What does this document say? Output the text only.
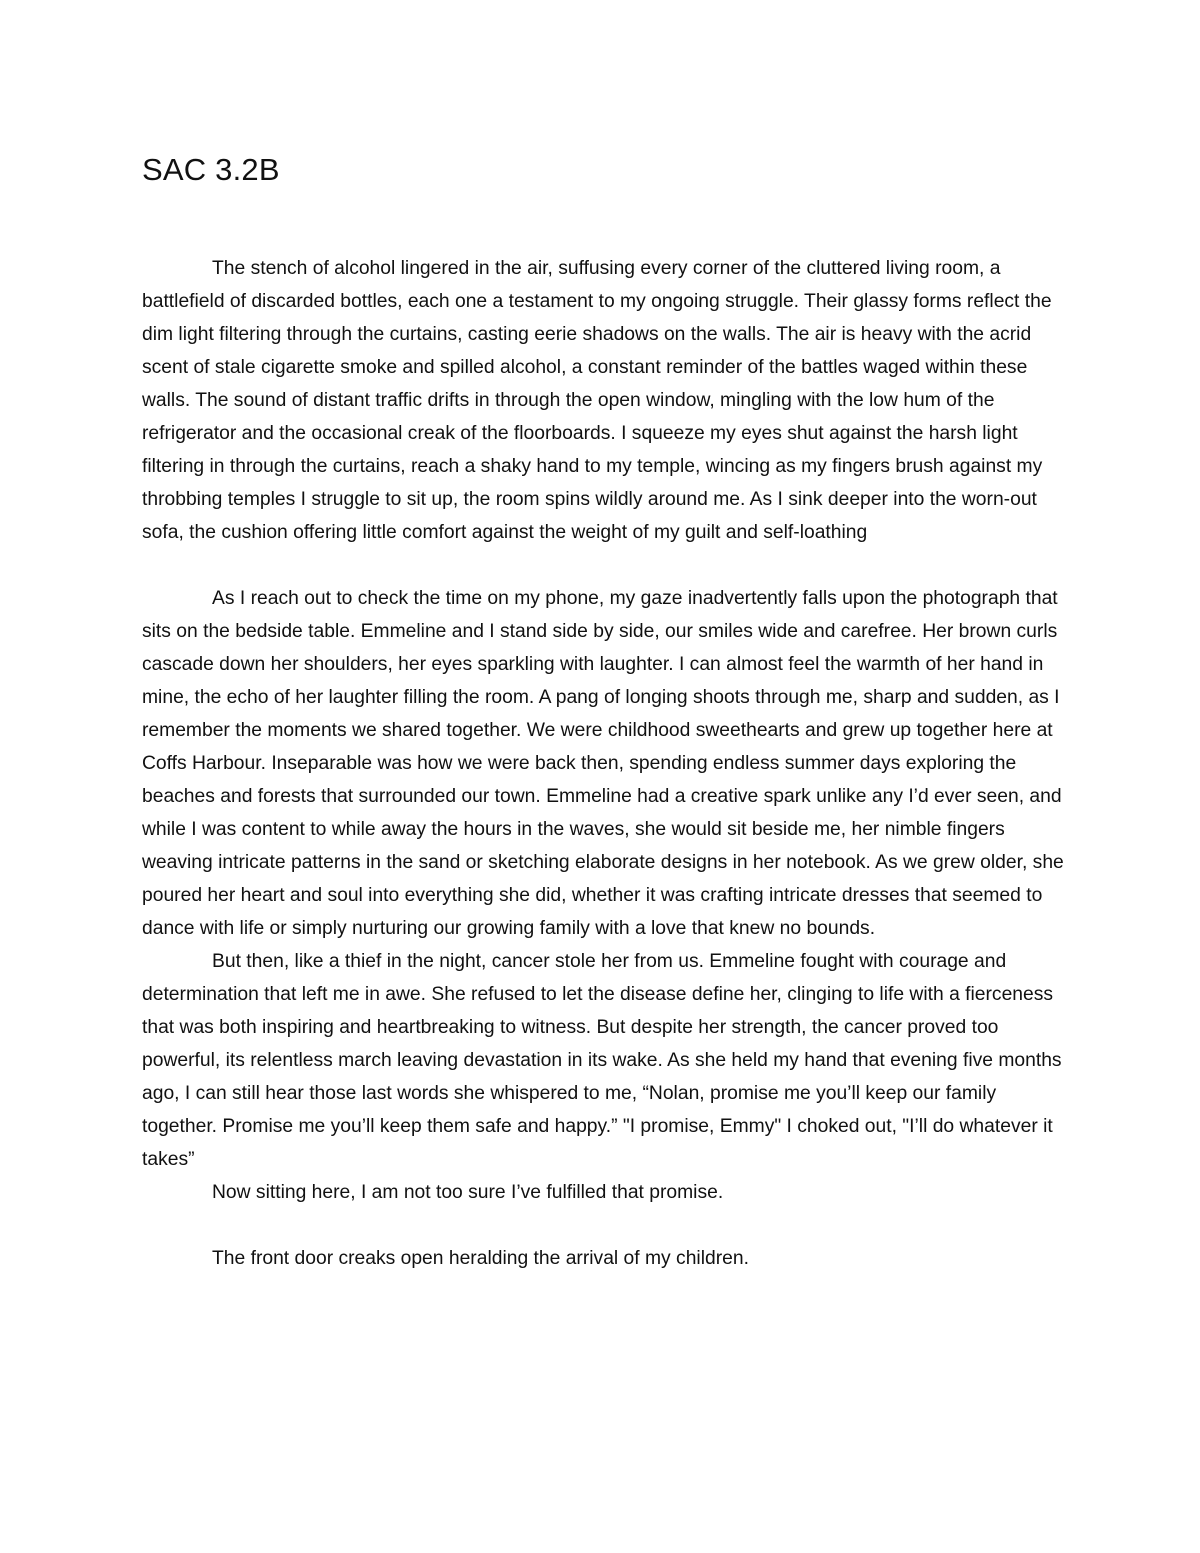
SAC 3.2B

The stench of alcohol lingered in the air, suffusing every corner of the cluttered living room, a battlefield of discarded bottles, each one a testament to my ongoing struggle. Their glassy forms reflect the dim light filtering through the curtains, casting eerie shadows on the walls. The air is heavy with the acrid scent of stale cigarette smoke and spilled alcohol, a constant reminder of the battles waged within these walls. The sound of distant traffic drifts in through the open window, mingling with the low hum of the refrigerator and the occasional creak of the floorboards. I squeeze my eyes shut against the harsh light filtering in through the curtains, reach a shaky hand to my temple, wincing as my fingers brush against my throbbing temples I struggle to sit up, the room spins wildly around me. As I sink deeper into the worn-out sofa, the cushion offering little comfort against the weight of my guilt and self-loathing

As I reach out to check the time on my phone, my gaze inadvertently falls upon the photograph that sits on the bedside table. Emmeline and I stand side by side, our smiles wide and carefree. Her brown curls cascade down her shoulders, her eyes sparkling with laughter. I can almost feel the warmth of her hand in mine, the echo of her laughter filling the room. A pang of longing shoots through me, sharp and sudden, as I remember the moments we shared together. We were childhood sweethearts and grew up together here at Coffs Harbour. Inseparable was how we were back then, spending endless summer days exploring the beaches and forests that surrounded our town. Emmeline had a creative spark unlike any I’d ever seen, and while I was content to while away the hours in the waves, she would sit beside me, her nimble fingers weaving intricate patterns in the sand or sketching elaborate designs in her notebook. As we grew older, she poured her heart and soul into everything she did, whether it was crafting intricate dresses that seemed to dance with life or simply nurturing our growing family with a love that knew no bounds.

But then, like a thief in the night, cancer stole her from us. Emmeline fought with courage and determination that left me in awe. She refused to let the disease define her, clinging to life with a fierceness that was both inspiring and heartbreaking to witness. But despite her strength, the cancer proved too powerful, its relentless march leaving devastation in its wake. As she held my hand that evening five months ago, I can still hear those last words she whispered to me, “Nolan, promise me you’ll keep our family together. Promise me you’ll keep them safe and happy.” "I promise, Emmy" I choked out, "I’ll do whatever it takes”

Now sitting here, I am not too sure I’ve fulfilled that promise.

The front door creaks open heralding the arrival of my children.
